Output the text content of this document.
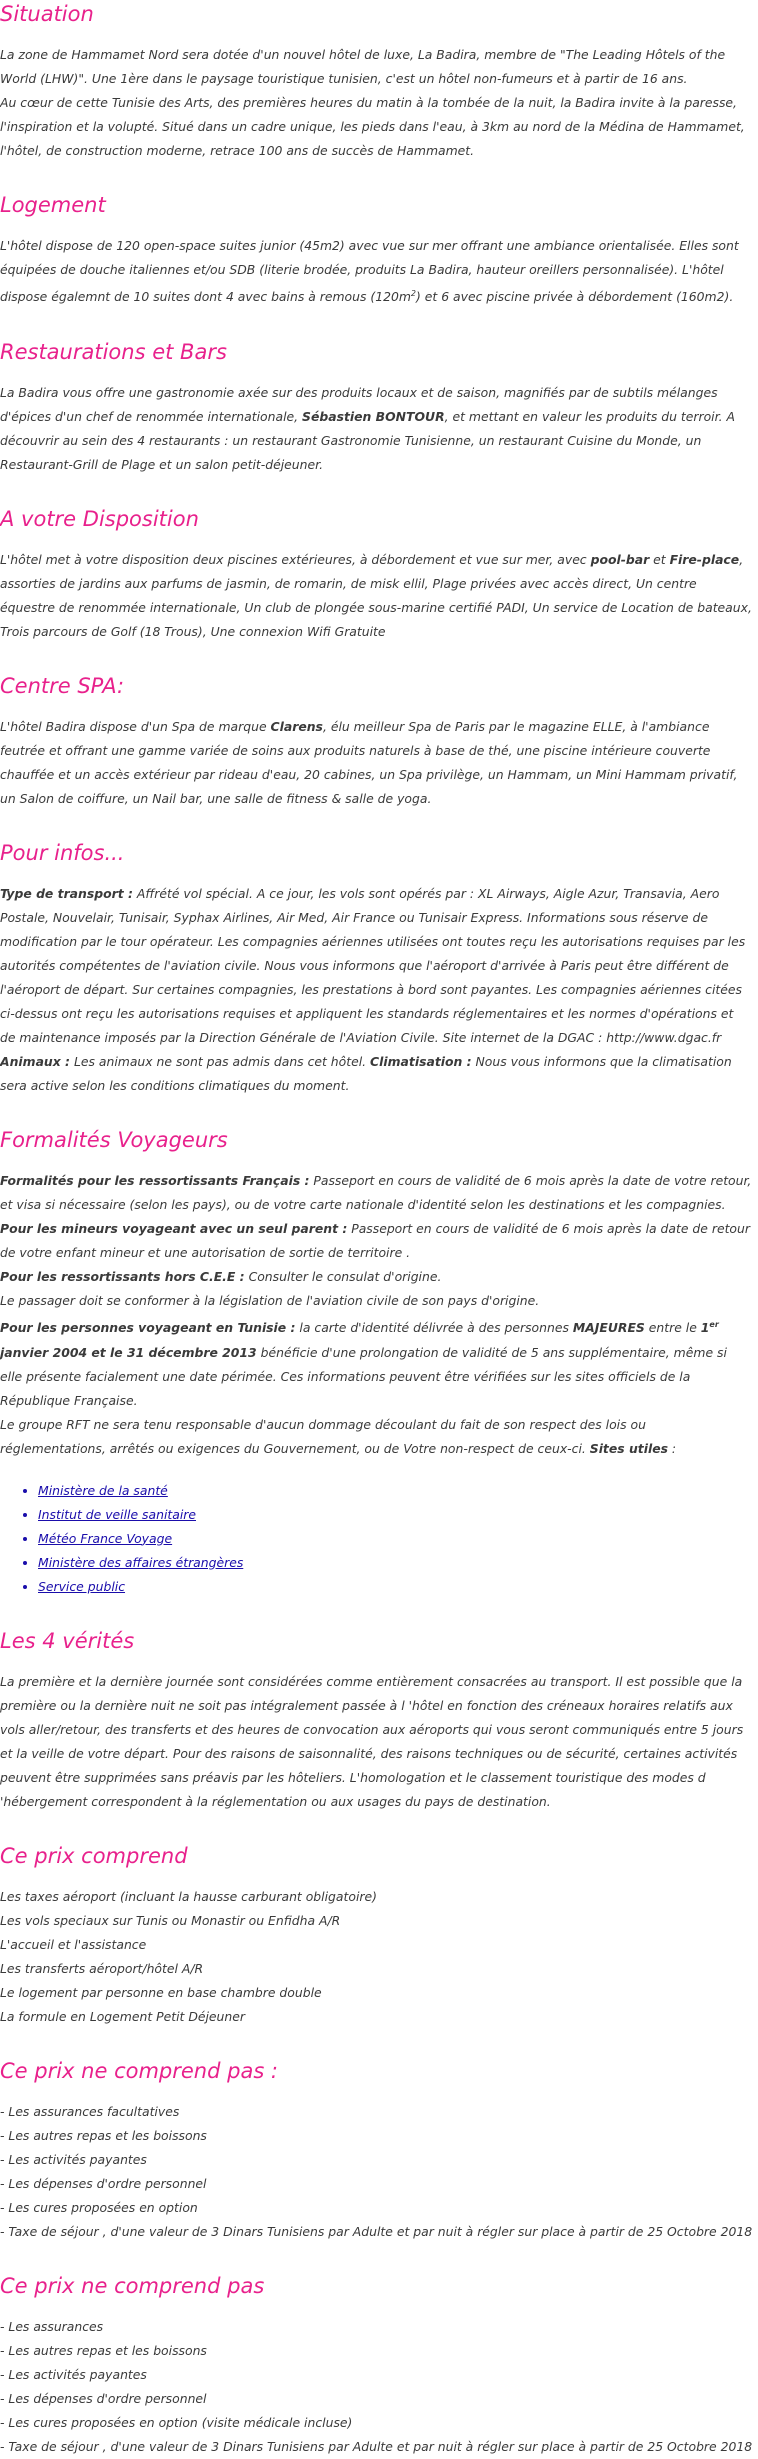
Situation

La zone de Hammamet Nord sera dotée d'un nouvel hôtel de luxe, La Badira, membre de "The Leading Hôtels of the World (LHW)". Une 1ère dans le paysage touristique tunisien, c'est un hôtel non-fumeurs et à partir de 16 ans.
Au cœur de cette Tunisie des Arts, des premières heures du matin à la tombée de la nuit, la Badira invite à la paresse, l'inspiration et la volupté. Situé dans un cadre unique, les pieds dans l'eau, à 3km au nord de la Médina de Hammamet, l'hôtel, de construction moderne, retrace 100 ans de succès de Hammamet.

Logement

L'hôtel dispose de 120 open-space suites junior (45m2) avec vue sur mer offrant une ambiance orientalisée. Elles sont équipées de douche italiennes et/ou SDB (literie brodée, produits La Badira, hauteur oreillers personnalisée). L'hôtel dispose égalemnt de 10 suites dont 4 avec bains à remous $(120m^2)$ et 6 avec piscine privée à débordement (160m2).

Restaurations et Bars

La Badira vous offre une gastronomie axée sur des produits locaux et de saison, magnifiés par de subtils mélanges d'épices d'un chef de renommée internationale, Sébastien BONTOUR, et mettant en valeur les produits du terroir. A découvrir au sein des 4 restaurants : un restaurant Gastronomie Tunisienne, un restaurant Cuisine du Monde, un Restaurant-Grill de Plage et un salon petit-déjeuner.

A votre Disposition

L'hôtel met à votre disposition deux piscines extérieures, à débordement et vue sur mer, avec pool-bar et Fire-place, assorties de jardins aux parfums de jasmin, de romarin, de misk ellil, Plage privées avec accès direct, Un centre équestre de renommée internationale, Un club de plongée sous-marine certifié PADI, Un service de Location de bateaux, Trois parcours de Golf (18 Trous), Une connexion Wifi Gratuite

Centre SPA:

L'hôtel Badira dispose d'un Spa de marque Clarens, élu meilleur Spa de Paris par le magazine ELLE, à l'ambiance feutrée et offrant une gamme variée de soins aux produits naturels à base de thé, une piscine intérieure couverte chauffée et un accès extérieur par rideau d'eau, 20 cabines, un Spa privilège, un Hammam, un Mini Hammam privatif, un Salon de coiffure, un Nail bar, une salle de fitness & salle de yoga.

Pour infos...

Type de transport : Affrété vol spécial. A ce jour, les vols sont opérés par : XL Airways, Aigle Azur, Transavia, Aero Postale, Nouvelair, Tunisair, Syphax Airlines, Air Med, Air France ou Tunisair Express. Informations sous réserve de modification par le tour opérateur. Les compagnies aériennes utilisées ont toutes reçu les autorisations requises par les autorités compétentes de l'aviation civile. Nous vous informons que l'aéroport d'arrivée à Paris peut être différent de l'aéroport de départ. Sur certaines compagnies, les prestations à bord sont payantes. Les compagnies aériennes citées ci-dessus ont reçu les autorisations requises et appliquent les standards réglementaires et les normes d'opérations et de maintenance imposés par la Direction Générale de l'Aviation Civile. Site internet de la DGAC : http://www.dgac.fr
Animaux : Les animaux ne sont pas admis dans cet hôtel. Climatisation : Nous vous informons que la climatisation sera active selon les conditions climatiques du moment.

Formalités Voyageurs

Formalités pour les ressortissants Français : Passeport en cours de validité de 6 mois après la date de votre retour, et visa si nécessaire (selon les pays), ou de votre carte nationale d'identité selon les destinations et les compagnies.
Pour les mineurs voyageant avec un seul parent : Passeport en cours de validité de 6 mois après la date de retour de votre enfant mineur et une autorisation de sortie de territoire .
Pour les ressortissants hors C.E.E : Consulter le consulat d'origine.
Le passager doit se conformer à la législation de l'aviation civile de son pays d'origine.
Pour les personnes voyageant en Tunisie : la carte d'identité délivrée à des personnes MAJEURES entre le 1er janvier 2004 et le 31 décembre 2013 bénéficie d'une prolongation de validité de 5 ans supplémentaire, même si elle présente facialement une date périmée. Ces informations peuvent être vérifiées sur les sites officiels de la République Française.
Le groupe RFT ne sera tenu responsable d'aucun dommage découlant du fait de son respect des lois ou réglementations, arrêtés ou exigences du Gouvernement, ou de Votre non-respect de ceux-ci. Sites utiles :

• Ministère de la santé
• Institut de veille sanitaire
• Météo France Voyage
• Ministère des affaires étrangères
• Service public
Les 4 vérités

La première et la dernière journée sont considérées comme entièrement consacrées au transport. Il est possible que la première ou la dernière nuit ne soit pas intégralement passée à l 'hôtel en fonction des créneaux horaires relatifs aux vols aller/retour, des transferts et des heures de convocation aux aéroports qui vous seront communiqués entre 5 jours et la veille de votre départ. Pour des raisons de saisonnalité, des raisons techniques ou de sécurité, certaines activités peuvent être supprimées sans préavis par les hôteliers. L'homologation et le classement touristique des modes d 'hébergement correspondent à la réglementation ou aux usages du pays de destination.

Ce prix comprend
Les taxes aéroport (incluant la hausse carburant obligatoire)
Les vols speciaux sur Tunis ou Monastir ou Enfidha A/R
L'accueil et l'assistance
Les transferts aéroport/hôtel A/R
Le logement par personne en base chambre double
La formule en Logement Petit Déjeuner
Ce prix ne comprend pas :
- Les assurances facultatives
- Les autres repas et les boissons
- Les activités payantes
- Les dépenses d'ordre personnel
- Les cures proposées en option
- Taxe de séjour , d'une valeur de 3 Dinars Tunisiens par Adulte et par nuit à régler sur place à partir de 25 Octobre 2018
Ce prix ne comprend pas
- Les assurances
- Les autres repas et les boissons
- Les activités payantes
- Les dépenses d'ordre personnel
- Les cures proposées en option (visite médicale incluse)
- Taxe de séjour , d'une valeur de 3 Dinars Tunisiens par Adulte et par nuit à régler sur place à partir de 25 Octobre 2018
